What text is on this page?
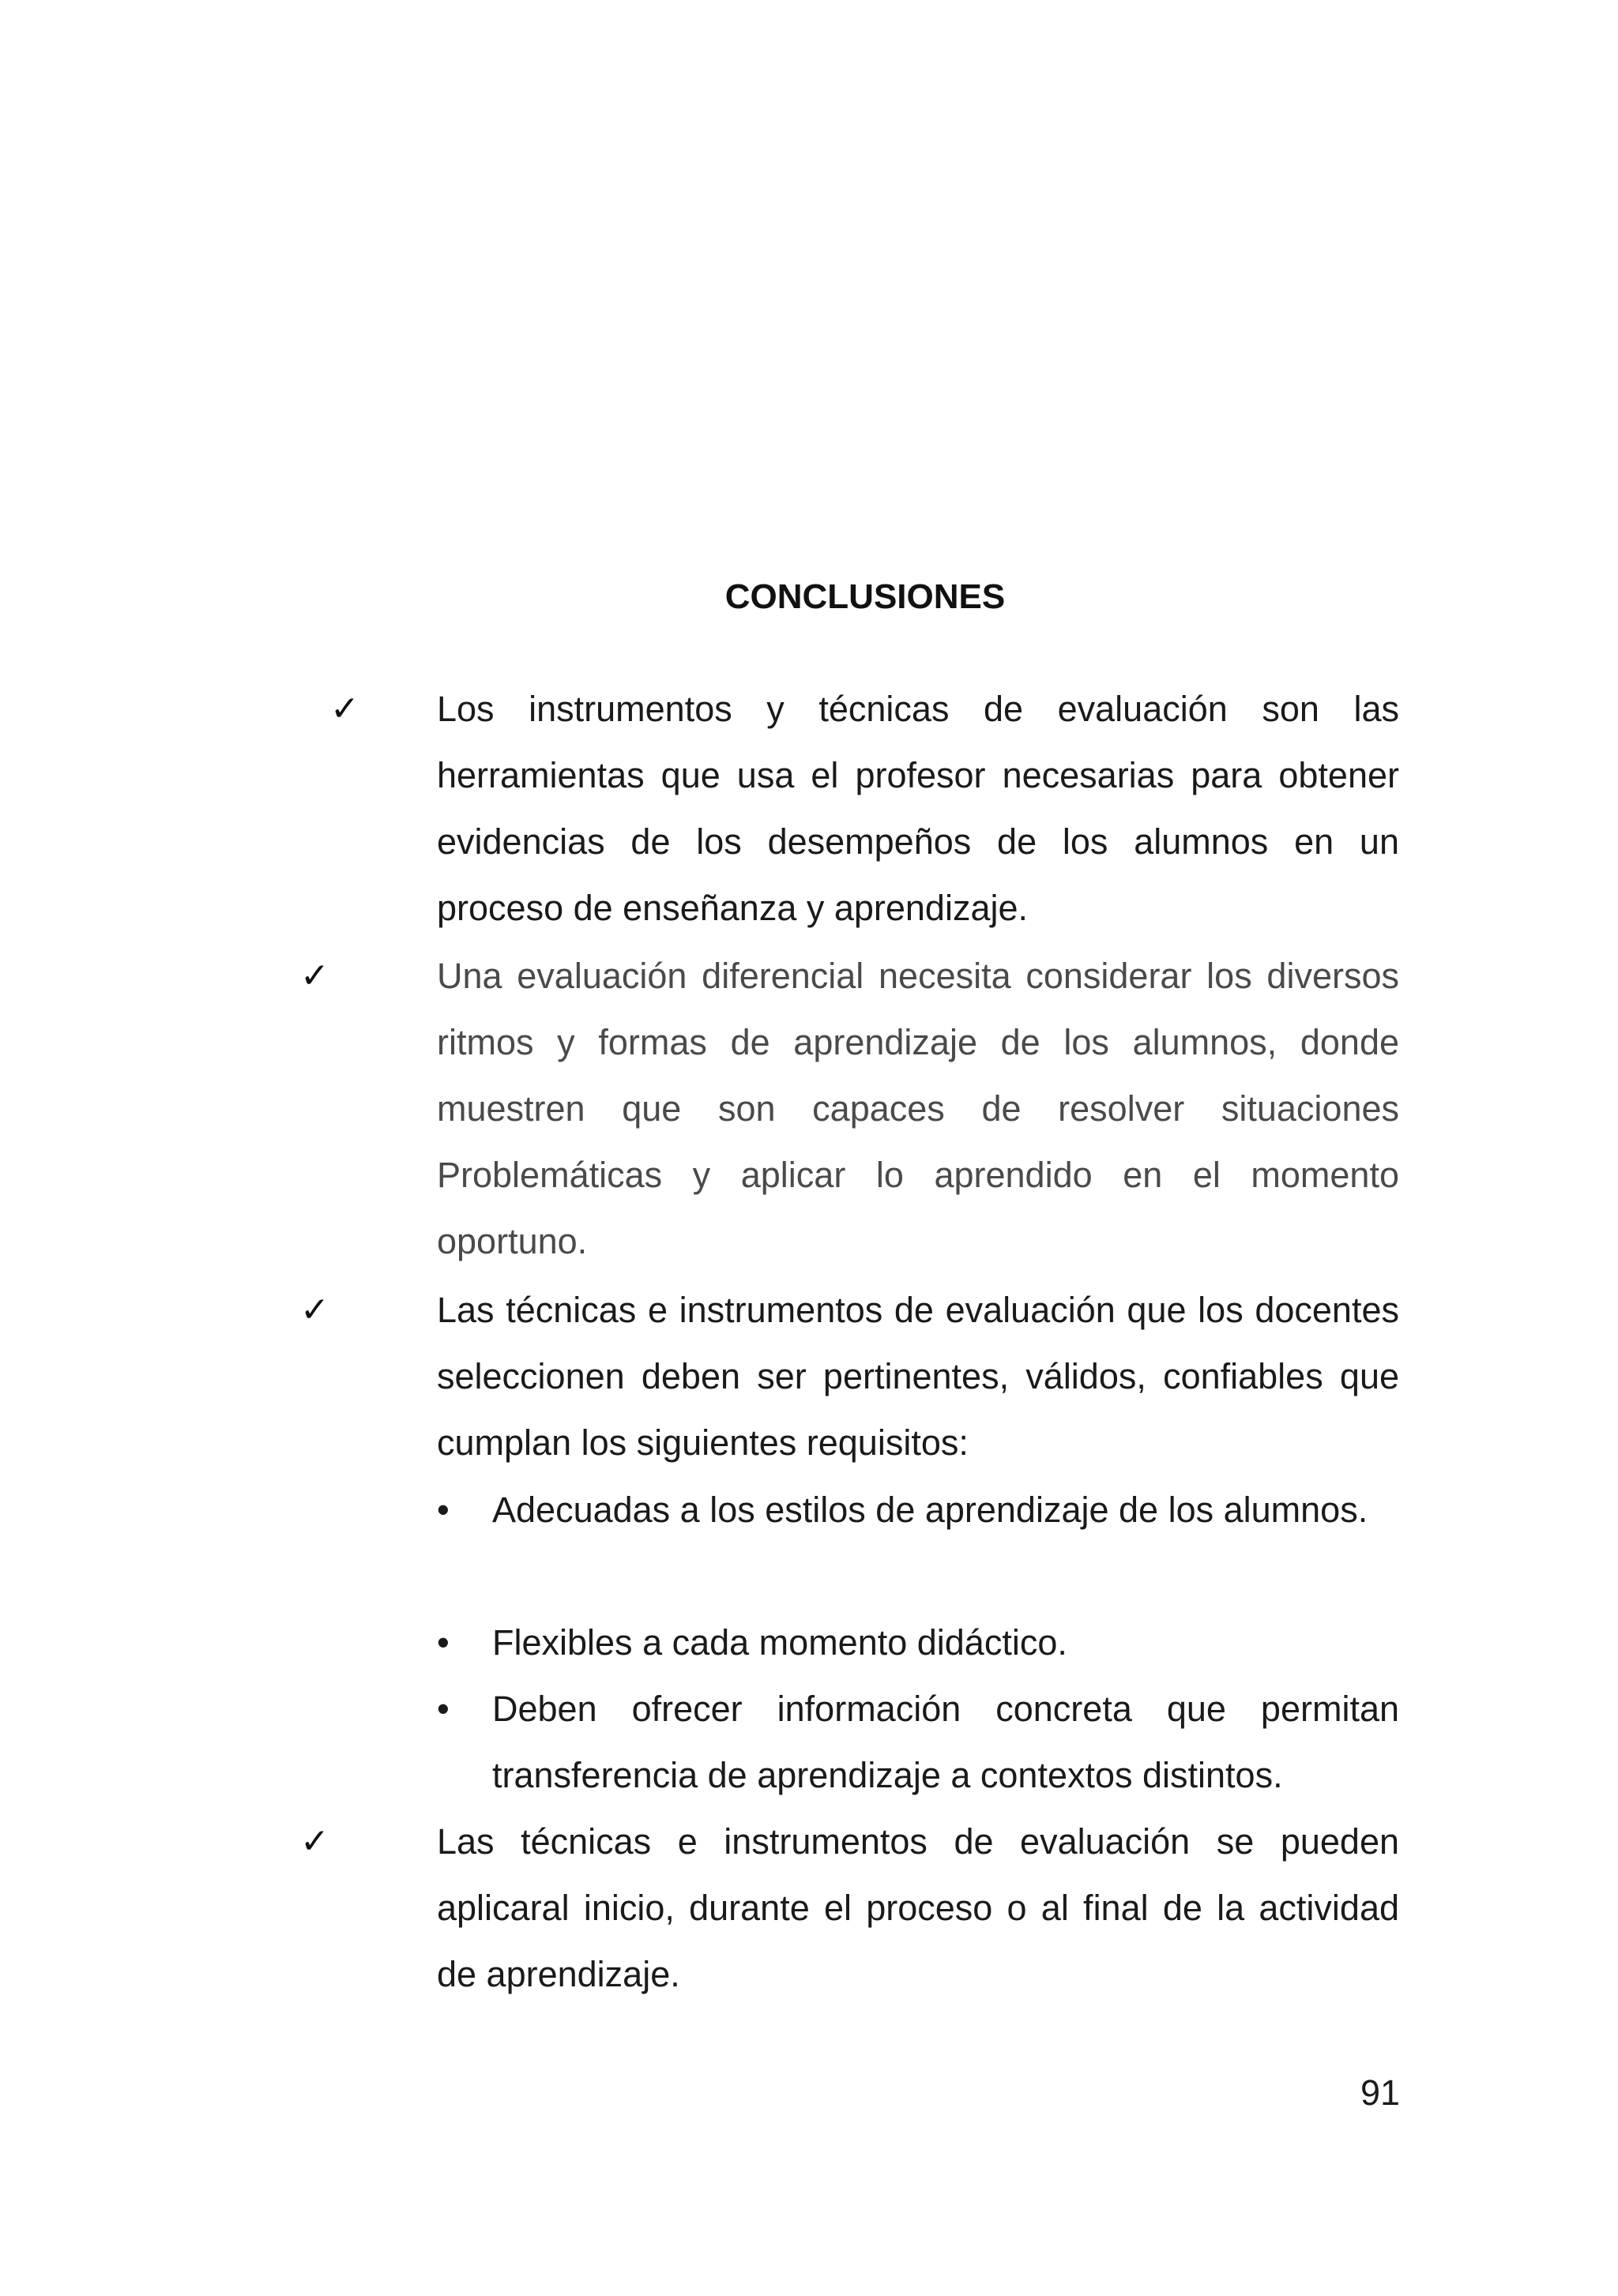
CONCLUSIONES
✓ Los instrumentos y técnicas de evaluación son las herramientas que usa el profesor necesarias para obtener evidencias de los desempeños de los alumnos en un proceso de enseñanza y aprendizaje.

✓	Una evaluación diferencial necesita considerar los diversos ritmos y formas de aprendizaje de los alumnos, donde muestren que son capaces de resolver situaciones Problemáticas y aplicar lo aprendido en el momento oportuno.

✓	Las técnicas e instrumentos de evaluación que los docentes seleccionen deben ser pertinentes, válidos, confiables que cumplan los siguientes requisitos:

• Adecuadas a los estilos de aprendizaje de los alumnos.

• Flexibles a cada momento didáctico.

• Deben ofrecer información concreta que permitan transferencia de aprendizaje a contextos distintos.

✓	Las técnicas e instrumentos de evaluación se pueden aplicaral inicio, durante el proceso o al final de la actividad de aprendizaje.

91
